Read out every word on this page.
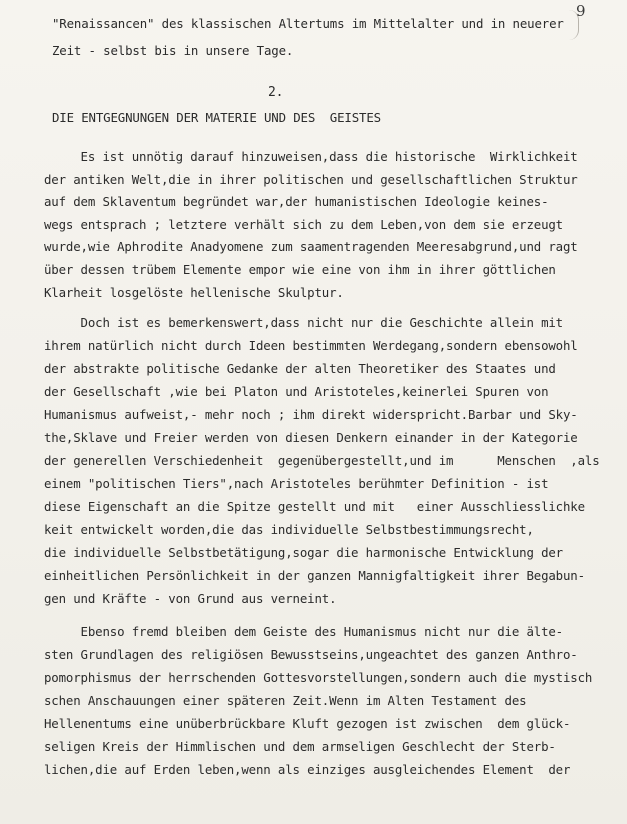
9
"Renaissancen" des klassischen Altertums im Mittelalter und in neuerer
Zeit - selbst bis in unsere Tage.
2.
DIE ENTGEGNUNGEN DER MATERIE UND DES  GEISTES
Es ist unnötig darauf hinzuweisen,dass die historische  Wirklichkeit
der antiken Welt,die in ihrer politischen und gesellschaftlichen Struktur
auf dem Sklaventum begründet war,der humanistischen Ideologie keines-
wegs entsprach ; letztere verhält sich zu dem Leben,von dem sie erzeugt
wurde,wie Aphrodite Anadyomene zum saamentragenden Meeresabgrund,und ragt
über dessen trübem Elemente empor wie eine von ihm in ihrer göttlichen
Klarheit losgelöste hellenische Skulptur.
Doch ist es bemerkenswert,dass nicht nur die Geschichte allein mit
ihrem natürlich nicht durch Ideen bestimmten Werdegang,sondern ebensowohl
der abstrakte politische Gedanke der alten Theoretiker des Staates und
der Gesellschaft ,wie bei Platon und Aristoteles,keinerlei Spuren von
Humanismus aufweist,- mehr noch ; ihm direkt widerspricht.Barbar und Sky-
the,Sklave und Freier werden von diesen Denkern einander in der Kategorie
der generellen Verschiedenheit  gegenübergestellt,und im      Menschen  ,als
einem "politischen Tiers",nach Aristoteles berühmter Definition - ist
diese Eigenschaft an die Spitze gestellt und mit   einer Ausschliesslichke
keit entwickelt worden,die das individuelle Selbstbestimmungsrecht,
die individuelle Selbstbetätigung,sogar die harmonische Entwicklung der
einheitlichen Persönlichkeit in der ganzen Mannigfaltigkeit ihrer Begabun-
gen und Kräfte - von Grund aus verneint.
Ebenso fremd bleiben dem Geiste des Humanismus nicht nur die älte-
sten Grundlagen des religiösen Bewusstseins,ungeachtet des ganzen Anthro-
pomorphismus der herrschenden Gottesvorstellungen,sondern auch die mystisch
schen Anschauungen einer späteren Zeit.Wenn im Alten Testament des
Hellenentums eine unüberbrückbare Kluft gezogen ist zwischen  dem glück-
seligen Kreis der Himmlischen und dem armseligen Geschlecht der Sterb-
lichen,die auf Erden leben,wenn als einziges ausgleichendes Element  der
